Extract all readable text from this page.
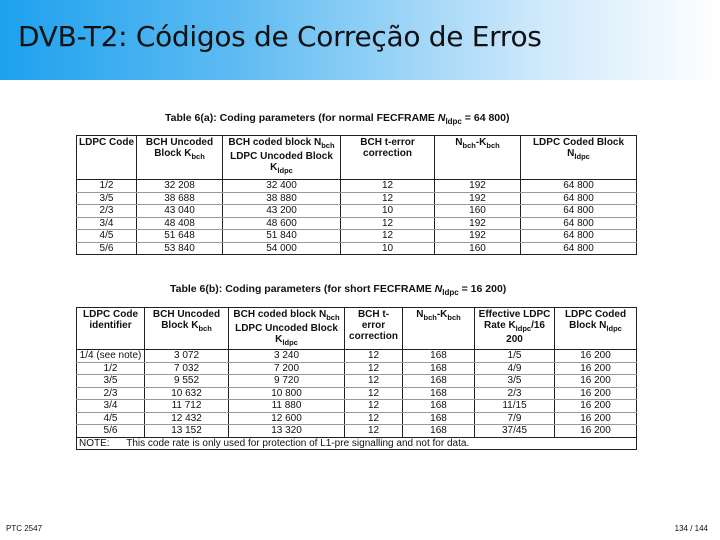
DVB-T2: Códigos de Correção de Erros
Table 6(a): Coding parameters (for normal FECFRAME $N_{ldpc} = 64$ 800)
LDPC Code	BCH Uncoded Block $K_{bch}$	BCH coded block $N_{bch}$ LDPC Uncoded Block $K_{ldpc}$	BCH t-error correction	$N_{bch}-K_{bch}$	LDPC Coded Block $N_{ldpc}$
1/2	32 208	32 400	12	192	64 800
3/5	38 688	38 880	12	192	64 800
2/3	43 040	43 200	10	160	64 800
3/4	48 408	48 600	12	192	64 800
4/5	51 648	51 840	12	192	64 800
5/6	53 840	54 000	10	160	64 800
Table 6(b): Coding parameters (for short FECFRAME $N_{ldpc} = 16$ 200)
LDPC Code identifier	BCH Uncoded Block $K_{bch}$	BCH coded block $N_{bch}$ LDPC Uncoded Block $K_{ldpc}$	BCH t-error correction	$N_{bch}-K_{bch}$	Effective LDPC Rate $K_{ldpc}/16$ 200	LDPC Coded Block $N_{ldpc}$
1/4 (see note)	3 072	3 240	12	168	1/5	16 200
1/2	7 032	7 200	12	168	4/9	16 200
3/5	9 552	9 720	12	168	3/5	16 200
2/3	10 632	10 800	12	168	2/3	16 200
3/4	11 712	11 880	12	168	11/15	16 200
4/5	12 432	12 600	12	168	7/9	16 200
5/6	13 152	13 320	12	168	37/45	16 200
NOTE: This code rate is only used for protection of L1-pre signalling and not for data.						
PTC 2547	134 / 144
